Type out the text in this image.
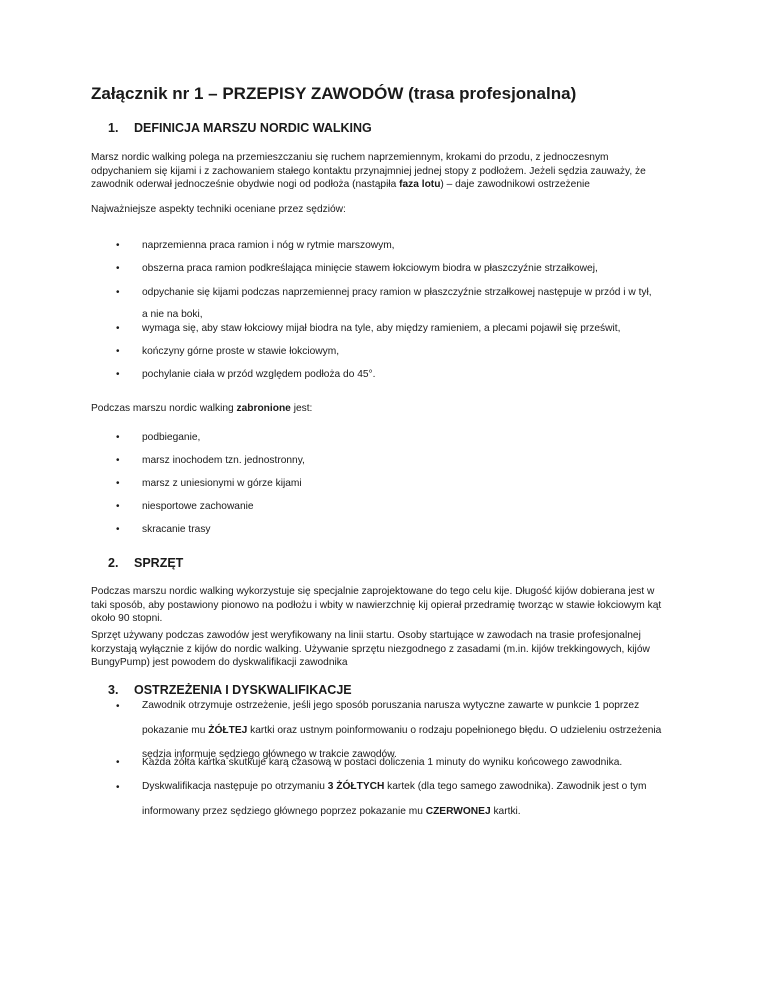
Załącznik nr 1 – PRZEPISY ZAWODÓW (trasa profesjonalna)
1. DEFINICJA MARSZU NORDIC WALKING

Marsz nordic walking polega na przemieszczaniu się ruchem naprzemiennym, krokami do przodu, z jednoczesnym
odpychaniem się kijami i z zachowaniem stałego kontaktu przynajmniej jednej stopy z podłożem. Jeżeli sędzia zauważy, że
zawodnik oderwał jednocześnie obydwie nogi od podłoża (nastąpiła faza lotu) – daje zawodnikowi ostrzeżenie

Najważniejsze aspekty techniki oceniane przez sędziów:

naprzemienna praca ramion i nóg w rytmie marszowym,
obszerna praca ramion podkreślająca minięcie stawem łokciowym biodra w płaszczyźnie strzałkowej,
odpychanie się kijami podczas naprzemiennej pracy ramion w płaszczyźnie strzałkowej następuje w przód i w tył,
a nie na boki,
wymaga się, aby staw łokciowy mijał biodra na tyle, aby między ramieniem, a plecami pojawił się prześwit,
kończyny górne proste w stawie łokciowym,
pochylanie ciała w przód względem podłoża do 45°.

Podczas marszu nordic walking zabronione jest:

podbieganie,
marsz inochodem tzn. jednostronny,
marsz z uniesionymi w górze kijami
niesportowe zachowanie
skracanie trasy
2. SPRZĘT

Podczas marszu nordic walking wykorzystuje się specjalnie zaprojektowane do tego celu kije. Długość kijów dobierana jest w
taki sposób, aby postawiony pionowo na podłożu i wbity w nawierzchnię kij opierał przedramię tworząc w stawie łokciowym kąt
około 90 stopni.

Sprzęt używany podczas zawodów jest weryfikowany na linii startu. Osoby startujące w zawodach na trasie profesjonalnej
korzystają wyłącznie z kijów do nordic walking. Używanie sprzętu niezgodnego z zasadami (m.in. kijów trekkingowych, kijów
BungyPump) jest powodem do dyskwalifikacji zawodnika

3. OSTRZEŻENIA I DYSKWALIFIKACJE
Zawodnik otrzymuje ostrzeżenie, jeśli jego sposób poruszania narusza wytyczne zawarte w punkcie 1 poprzez
pokazanie mu ŻÓŁTEJ kartki oraz ustnym poinformowaniu o rodzaju popełnionego błędu. O udzieleniu ostrzeżenia
sędzia informuje sędziego głównego w trakcie zawodów.
Każda żółta kartka skutkuje karą czasową w postaci doliczenia 1 minuty do wyniku końcowego zawodnika.
Dyskwalifikacja następuje po otrzymaniu 3 ŻÓŁTYCH kartek (dla tego samego zawodnika). Zawodnik jest o tym
informowany przez sędziego głównego poprzez pokazanie mu CZERWONEJ kartki.
